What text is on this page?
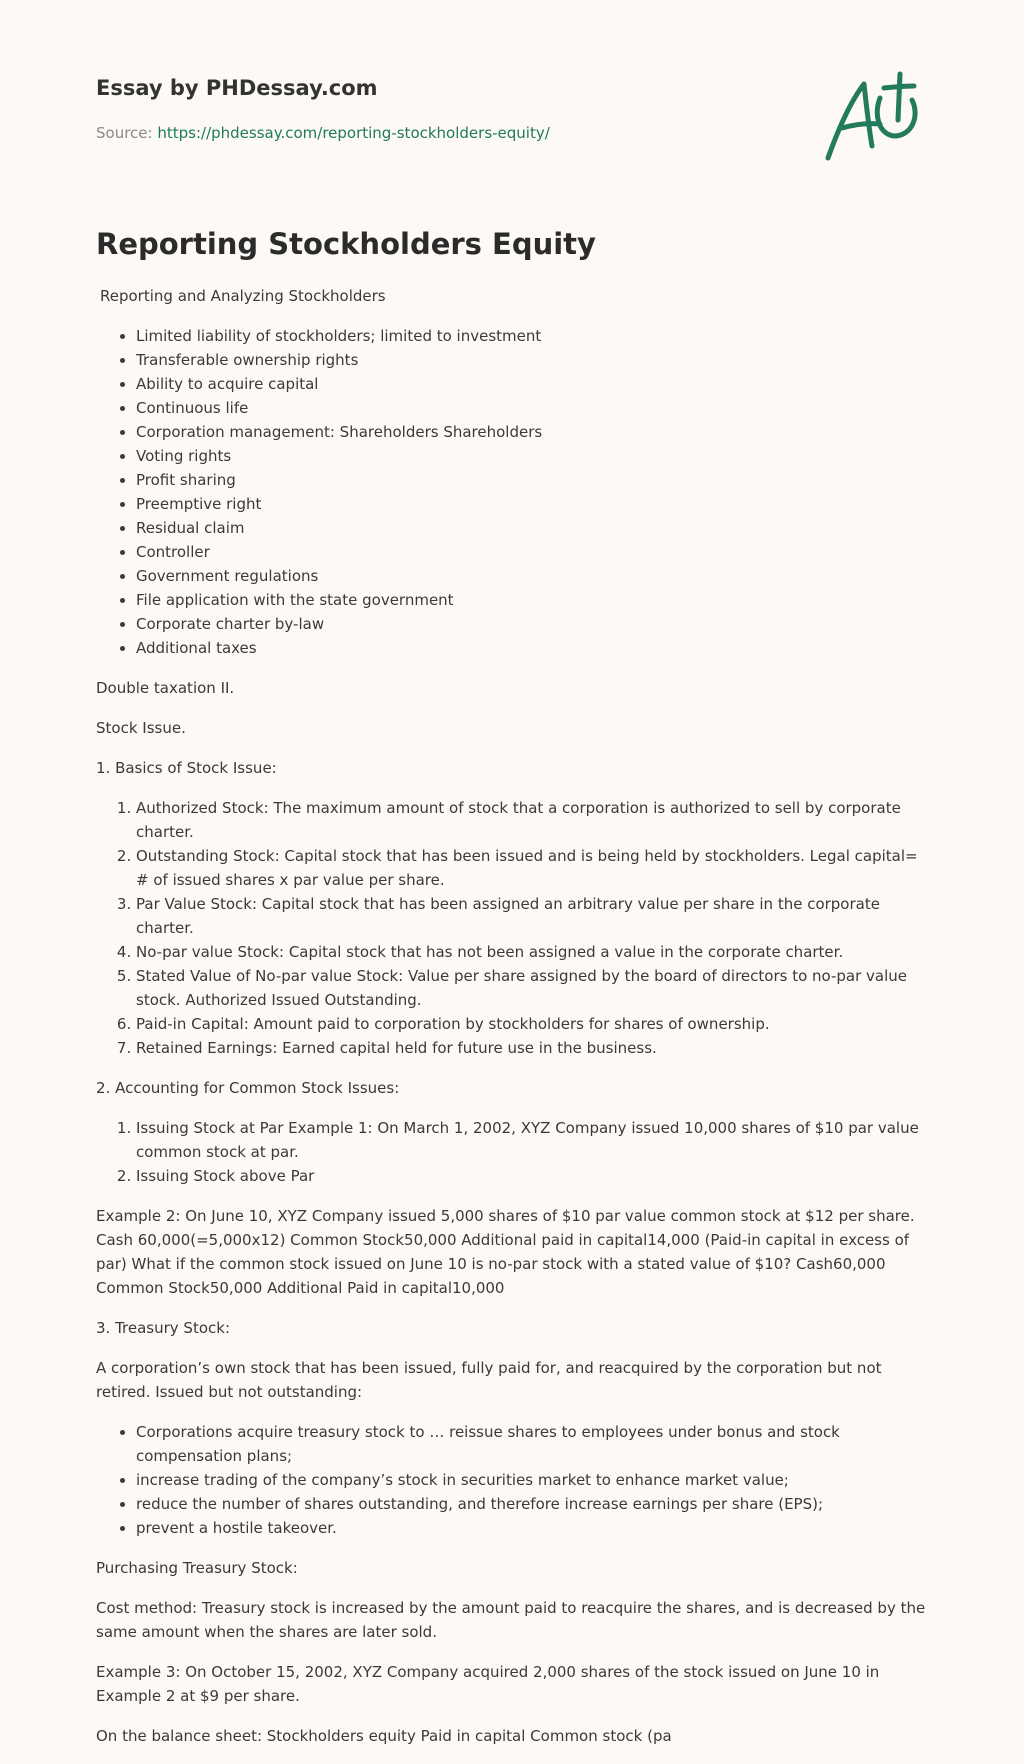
Essay by PHDessay.com

Source: https://phdessay.com/reporting-stockholders-equity/

Reporting Stockholders Equity

Reporting and Analyzing Stockholders

• Limited liability of stockholders; limited to investment
• Transferable ownership rights
• Ability to acquire capital
• Continuous life
• Corporation management: Shareholders Shareholders
• Voting rights
• Profit sharing
• Preemptive right
• Residual claim
• Controller
• Government regulations
• File application with the state government
• Corporate charter by-law
• Additional taxes

Double taxation II.

Stock Issue.

1. Basics of Stock Issue:

1. Authorized Stock: The maximum amount of stock that a corporation is authorized to sell by corporate charter.
2. Outstanding Stock: Capital stock that has been issued and is being held by stockholders. Legal capital= # of issued shares x par value per share.
3. Par Value Stock: Capital stock that has been assigned an arbitrary value per share in the corporate charter.
4. No-par value Stock: Capital stock that has not been assigned a value in the corporate charter.
5. Stated Value of No-par value Stock: Value per share assigned by the board of directors to no-par value stock. Authorized Issued Outstanding.
6. Paid-in Capital: Amount paid to corporation by stockholders for shares of ownership.
7. Retained Earnings: Earned capital held for future use in the business.

2. Accounting for Common Stock Issues:

1. Issuing Stock at Par Example 1: On March 1, 2002, XYZ Company issued 10,000 shares of $10 par value common stock at par.
2. Issuing Stock above Par

Example 2: On June 10, XYZ Company issued 5,000 shares of $10 par value common stock at $12 per share. Cash 60,000(=5,000x12) Common Stock50,000 Additional paid in capital14,000 (Paid-in capital in excess of par) What if the common stock issued on June 10 is no-par stock with a stated value of $10? Cash60,000 Common Stock50,000 Additional Paid in capital10,000

3. Treasury Stock:

A corporation’s own stock that has been issued, fully paid for, and reacquired by the corporation but not retired. Issued but not outstanding:

• Corporations acquire treasury stock to … reissue shares to employees under bonus and stock compensation plans;
• increase trading of the company’s stock in securities market to enhance market value;
• reduce the number of shares outstanding, and therefore increase earnings per share (EPS);
• prevent a hostile takeover.

Purchasing Treasury Stock:

Cost method: Treasury stock is increased by the amount paid to reacquire the shares, and is decreased by the same amount when the shares are later sold.

Example 3: On October 15, 2002, XYZ Company acquired 2,000 shares of the stock issued on June 10 in Example 2 at $9 per share.

On the balance sheet: Stockholders equity Paid in capital Common stock (pa
